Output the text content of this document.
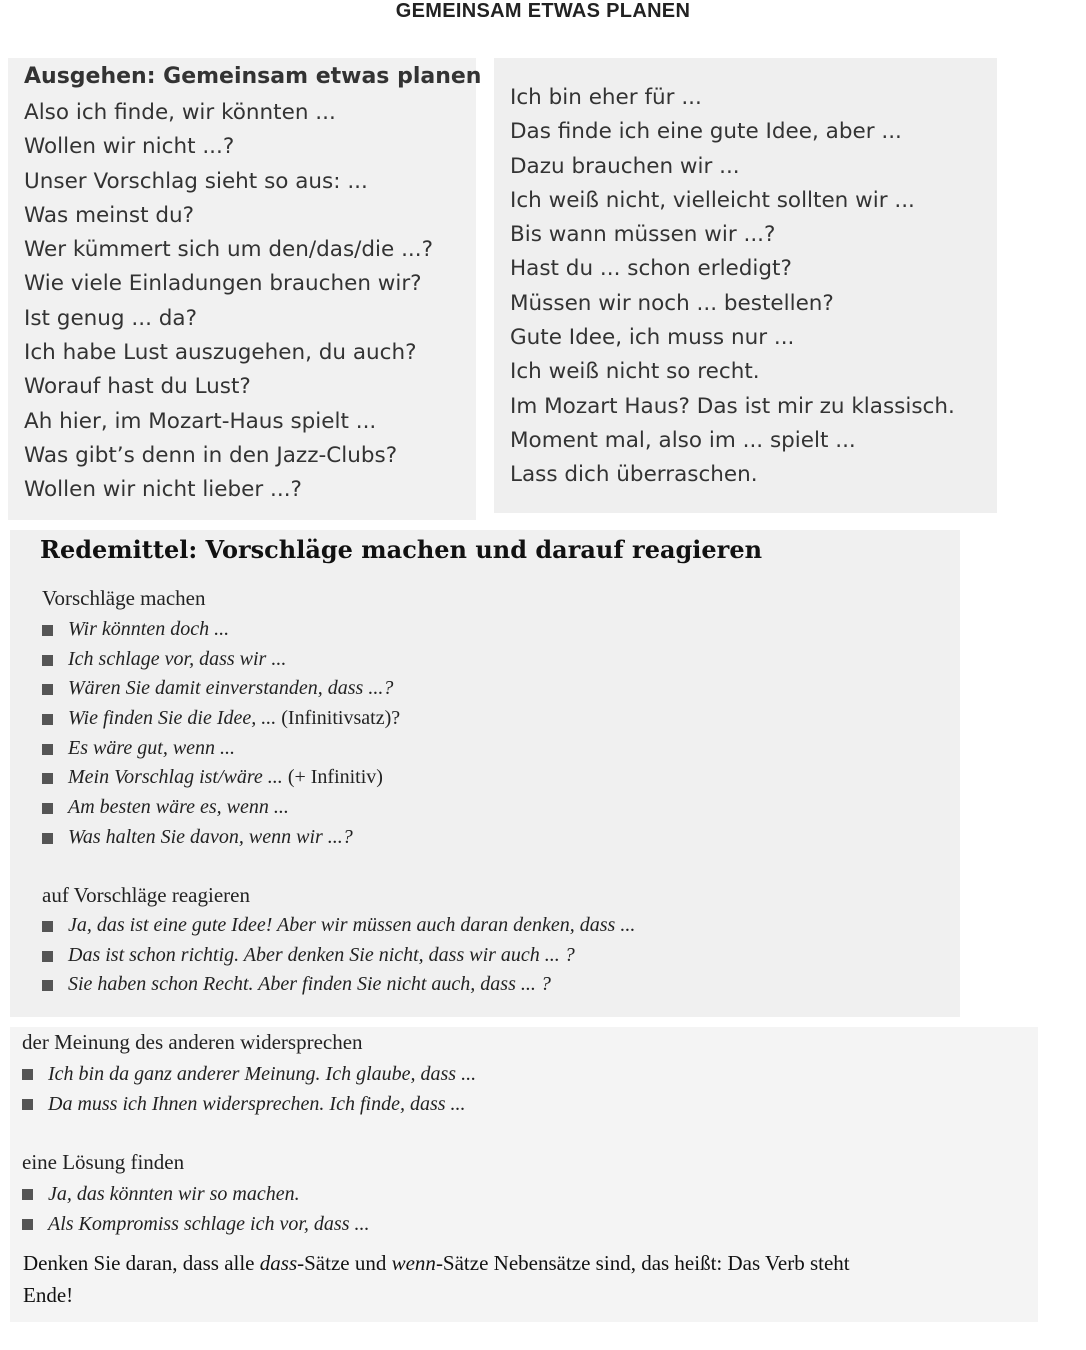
GEMEINSAM ETWAS PLANEN
Ausgehen: Gemeinsam etwas planen
Also ich finde, wir könnten ...
Wollen wir nicht ...?
Unser Vorschlag sieht so aus: ...
Was meinst du?
Wer kümmert sich um den/das/die ...?
Wie viele Einladungen brauchen wir?
Ist genug ... da?
Ich habe Lust auszugehen, du auch?
Worauf hast du Lust?
Ah hier, im Mozart-Haus spielt ...
Was gibt’s denn in den Jazz-Clubs?
Wollen wir nicht lieber ...?
Ich bin eher für ...
Das finde ich eine gute Idee, aber ...
Dazu brauchen wir ...
Ich weiß nicht, vielleicht sollten wir ...
Bis wann müssen wir ...?
Hast du ... schon erledigt?
Müssen wir noch ... bestellen?
Gute Idee, ich muss nur ...
Ich weiß nicht so recht.
Im Mozart Haus? Das ist mir zu klassisch.
Moment mal, also im ... spielt ...
Lass dich überraschen.
Redemittel: Vorschläge machen und darauf reagieren
Vorschläge machen
Wir könnten doch ...
Ich schlage vor, dass wir ...
Wären Sie damit einverstanden, dass ...?
Wie finden Sie die Idee, ... (Infinitivsatz)?
Es wäre gut, wenn ...
Mein Vorschlag ist/wäre ... (+ Infinitiv)
Am besten wäre es, wenn ...
Was halten Sie davon, wenn wir ...?
auf Vorschläge reagieren
Ja, das ist eine gute Idee! Aber wir müssen auch daran denken, dass ...
Das ist schon richtig. Aber denken Sie nicht, dass wir auch ... ?
Sie haben schon Recht. Aber finden Sie nicht auch, dass ... ?
der Meinung des anderen widersprechen
Ich bin da ganz anderer Meinung. Ich glaube, dass ...
Da muss ich Ihnen widersprechen. Ich finde, dass ...
eine Lösung finden
Ja, das könnten wir so machen.
Als Kompromiss schlage ich vor, dass ...
Denken Sie daran, dass alle dass-Sätze und wenn-Sätze Nebensätze sind, das heißt: Das Verb steht
Ende!
